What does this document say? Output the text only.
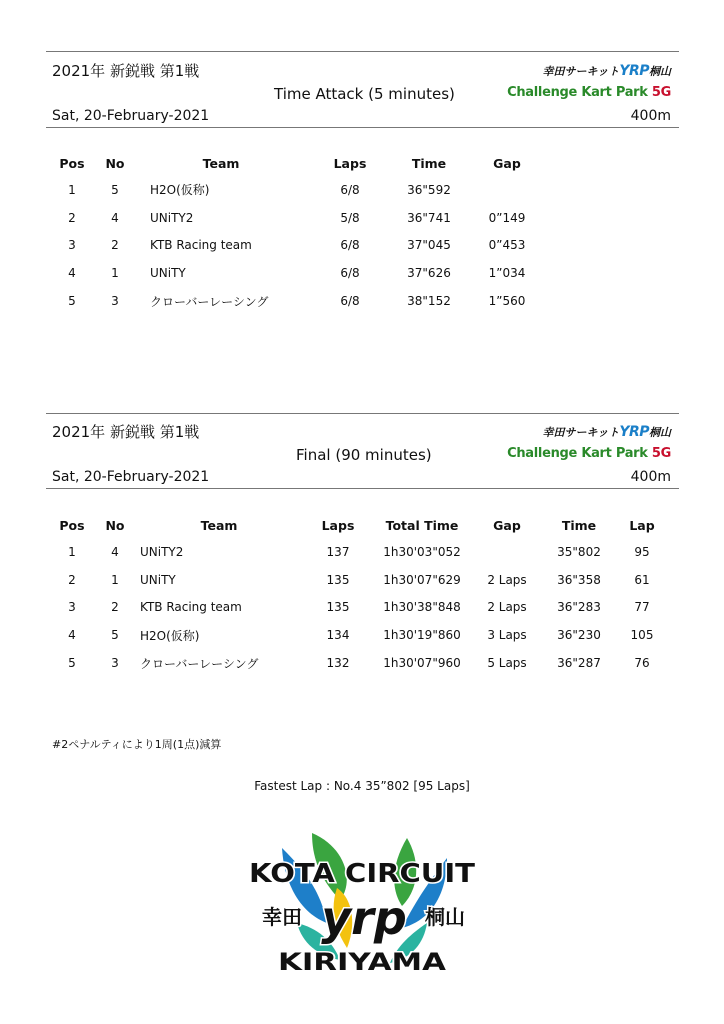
2021年 新鋭戦 第1戦	幸田サーキットYRP桐山
Time Attack (5 minutes)	Challenge Kart Park 5G
Sat, 20-February-2021	400m
Pos	No	Team	Laps	Time	Gap
1	5	H2O(仮称)	6/8	36"592	
2	4	UNiTY2	5/8	36"741	0”149
3	2	KTB Racing team	6/8	37"045	0”453
4	1	UNiTY	6/8	37"626	1”034
5	3	クローバーレーシング	6/8	38"152	1”560
2021年 新鋭戦 第1戦	幸田サーキットYRP桐山
Final (90 minutes)	Challenge Kart Park 5G
Sat, 20-February-2021	400m
Pos	No	Team	Laps	Total Time	Gap	Time	Lap
1	4	UNiTY2	137	1h30'03"052		35"802	95
2	1	UNiTY	135	1h30'07"629	2 Laps	36"358	61
3	2	KTB Racing team	135	1h30'38"848	2 Laps	36"283	77
4	5	H2O(仮称)	134	1h30'19"860	3 Laps	36"230	105
5	3	クローバーレーシング	132	1h30'07"960	5 Laps	36"287	76
#2ペナルティにより1周(1点)減算
Fastest Lap : No.4 35”802 [95 Laps]
KOTA CIRCUIT
幸田	桐山
yrp
KIRIYAMA
